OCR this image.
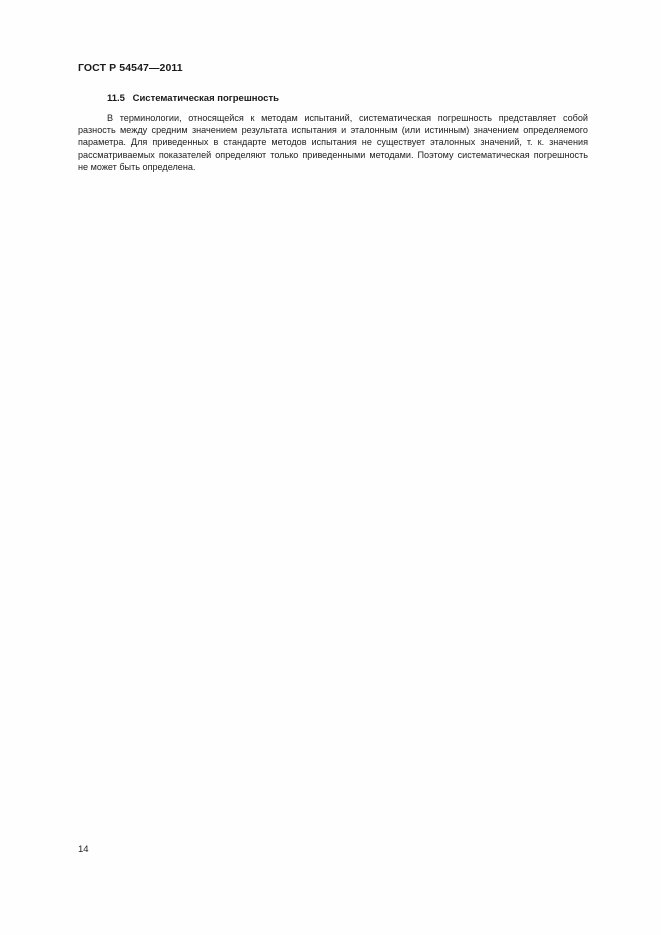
ГОСТ Р 54547—2011
11.5 Систематическая погрешность

В терминологии, относящейся к методам испытаний, систематическая погрешность представляет собой разность между средним значением результата испытания и эталонным (или истинным) значением определяемого параметра. Для приведенных в стандарте методов испытания не существует эталонных значений, т. к. значения рассматриваемых показателей определяют только приведенными методами. Поэтому систематическая погрешность не может быть определена.

14
